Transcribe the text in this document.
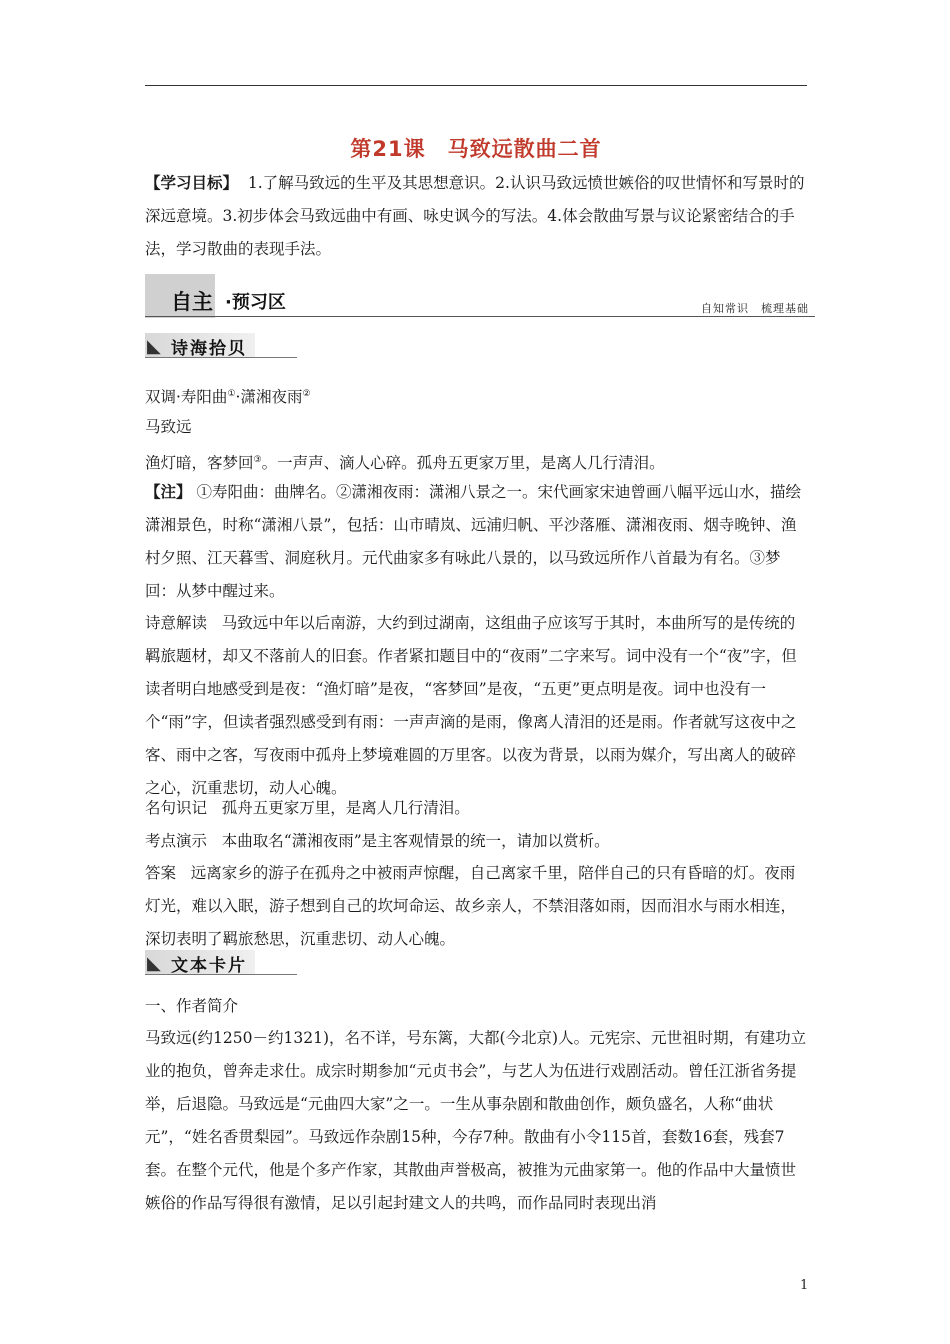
第21课　马致远散曲二首

【学习目标】 1.了解马致远的生平及其思想意识。2.认识马致远愤世嫉俗的叹世情怀和写景时的深远意境。3.初步体会马致远曲中有画、咏史讽今的写法。4.体会散曲写景与议论紧密结合的手法，学习散曲的表现手法。

自主 ·预习区	自知常识　梳理基础
◣ 诗海拾贝

双调·寿阳曲①·潇湘夜雨②

马致远

渔灯暗，客梦回③。一声声、滴人心碎。孤舟五更家万里，是离人几行清泪。

【注】 ①寿阳曲：曲牌名。②潇湘夜雨：潇湘八景之一。宋代画家宋迪曾画八幅平远山水，描绘潇湘景色，时称“潇湘八景”，包括：山市晴岚、远浦归帆、平沙落雁、潇湘夜雨、烟寺晚钟、渔村夕照、江天暮雪、洞庭秋月。元代曲家多有咏此八景的，以马致远所作八首最为有名。③梦回：从梦中醒过来。

诗意解读 马致远中年以后南游，大约到过湖南，这组曲子应该写于其时，本曲所写的是传统的羁旅题材，却又不落前人的旧套。作者紧扣题目中的“夜雨”二字来写。词中没有一个“夜”字，但读者明白地感受到是夜：“渔灯暗”是夜，“客梦回”是夜，“五更”更点明是夜。词中也没有一个“雨”字，但读者强烈感受到有雨：一声声滴的是雨，像离人清泪的还是雨。作者就写这夜中之客、雨中之客，写夜雨中孤舟上梦境难圆的万里客。以夜为背景，以雨为媒介，写出离人的破碎之心，沉重悲切，动人心魄。

名句识记 孤舟五更家万里，是离人几行清泪。

考点演示 本曲取名“潇湘夜雨”是主客观情景的统一，请加以赏析。

答案 远离家乡的游子在孤舟之中被雨声惊醒，自己离家千里，陪伴自己的只有昏暗的灯。夜雨灯光，难以入眠，游子想到自己的坎坷命运、故乡亲人，不禁泪落如雨，因而泪水与雨水相连，深切表明了羁旅愁思，沉重悲切、动人心魄。

◣ 文本卡片

一、作者简介

马致远(约1250－约1321)，名不详，号东篱，大都(今北京)人。元宪宗、元世祖时期，有建功立业的抱负，曾奔走求仕。成宗时期参加“元贞书会”，与艺人为伍进行戏剧活动。曾任江浙省务提举，后退隐。马致远是“元曲四大家”之一。一生从事杂剧和散曲创作，颇负盛名，人称“曲状元”，“姓名香贯梨园”。马致远作杂剧15种，今存7种。散曲有小令115首，套数16套，残套7套。在整个元代，他是个多产作家，其散曲声誉极高，被推为元曲家第一。他的作品中大量愤世嫉俗的作品写得很有激情，足以引起封建文人的共鸣，而作品同时表现出消

1
